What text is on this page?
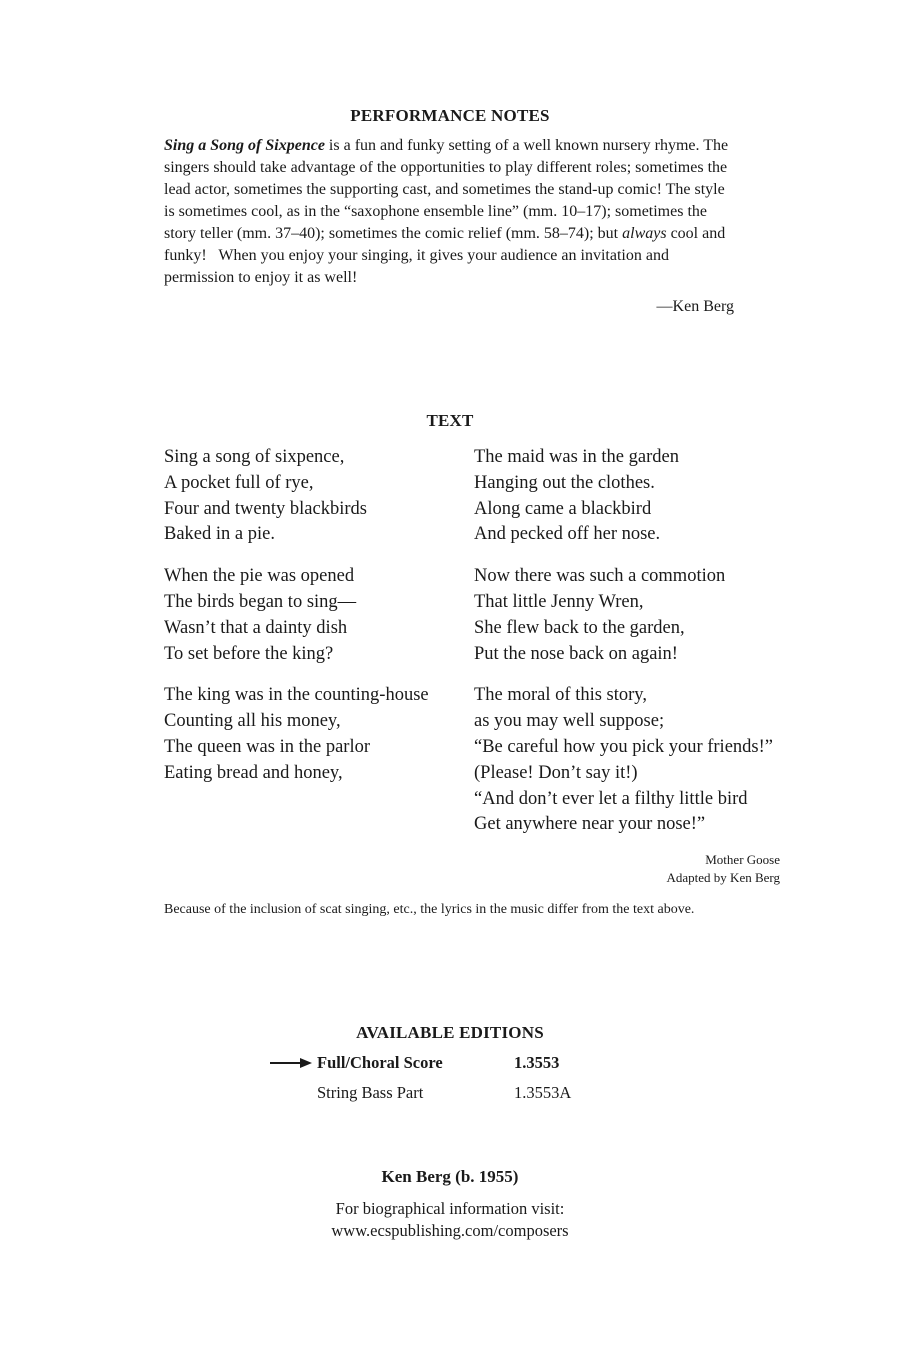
PERFORMANCE NOTES
Sing a Song of Sixpence is a fun and funky setting of a well known nursery rhyme. The singers should take advantage of the opportunities to play different roles; sometimes the lead actor, sometimes the supporting cast, and sometimes the stand-up comic! The style is sometimes cool, as in the “saxophone ensemble line” (mm. 10–17); sometimes the story teller (mm. 37–40); sometimes the comic relief (mm. 58–74); but always cool and funky!   When you enjoy your singing, it gives your audience an invitation and permission to enjoy it as well!
—Ken Berg
TEXT
Sing a song of sixpence,
A pocket full of rye,
Four and twenty blackbirds
Baked in a pie.
When the pie was opened
The birds began to sing—
Wasn’t that a dainty dish
To set before the king?
The king was in the counting-house
Counting all his money,
The queen was in the parlor
Eating bread and honey,
The maid was in the garden
Hanging out the clothes.
Along came a blackbird
And pecked off her nose.
Now there was such a commotion
That little Jenny Wren,
She flew back to the garden,
Put the nose back on again!
The moral of this story,
as you may well suppose;
“Be careful how you pick your friends!”
(Please! Don’t say it!)
“And don’t ever let a filthy little bird
Get anywhere near your nose!”
Mother Goose
Adapted by Ken Berg
Because of the inclusion of scat singing, etc., the lyrics in the music differ from the text above.
AVAILABLE EDITIONS
Full/Choral Score	1.3553
String Bass Part	1.3553A
Ken Berg (b. 1955)
For biographical information visit:
www.ecspublishing.com/composers
